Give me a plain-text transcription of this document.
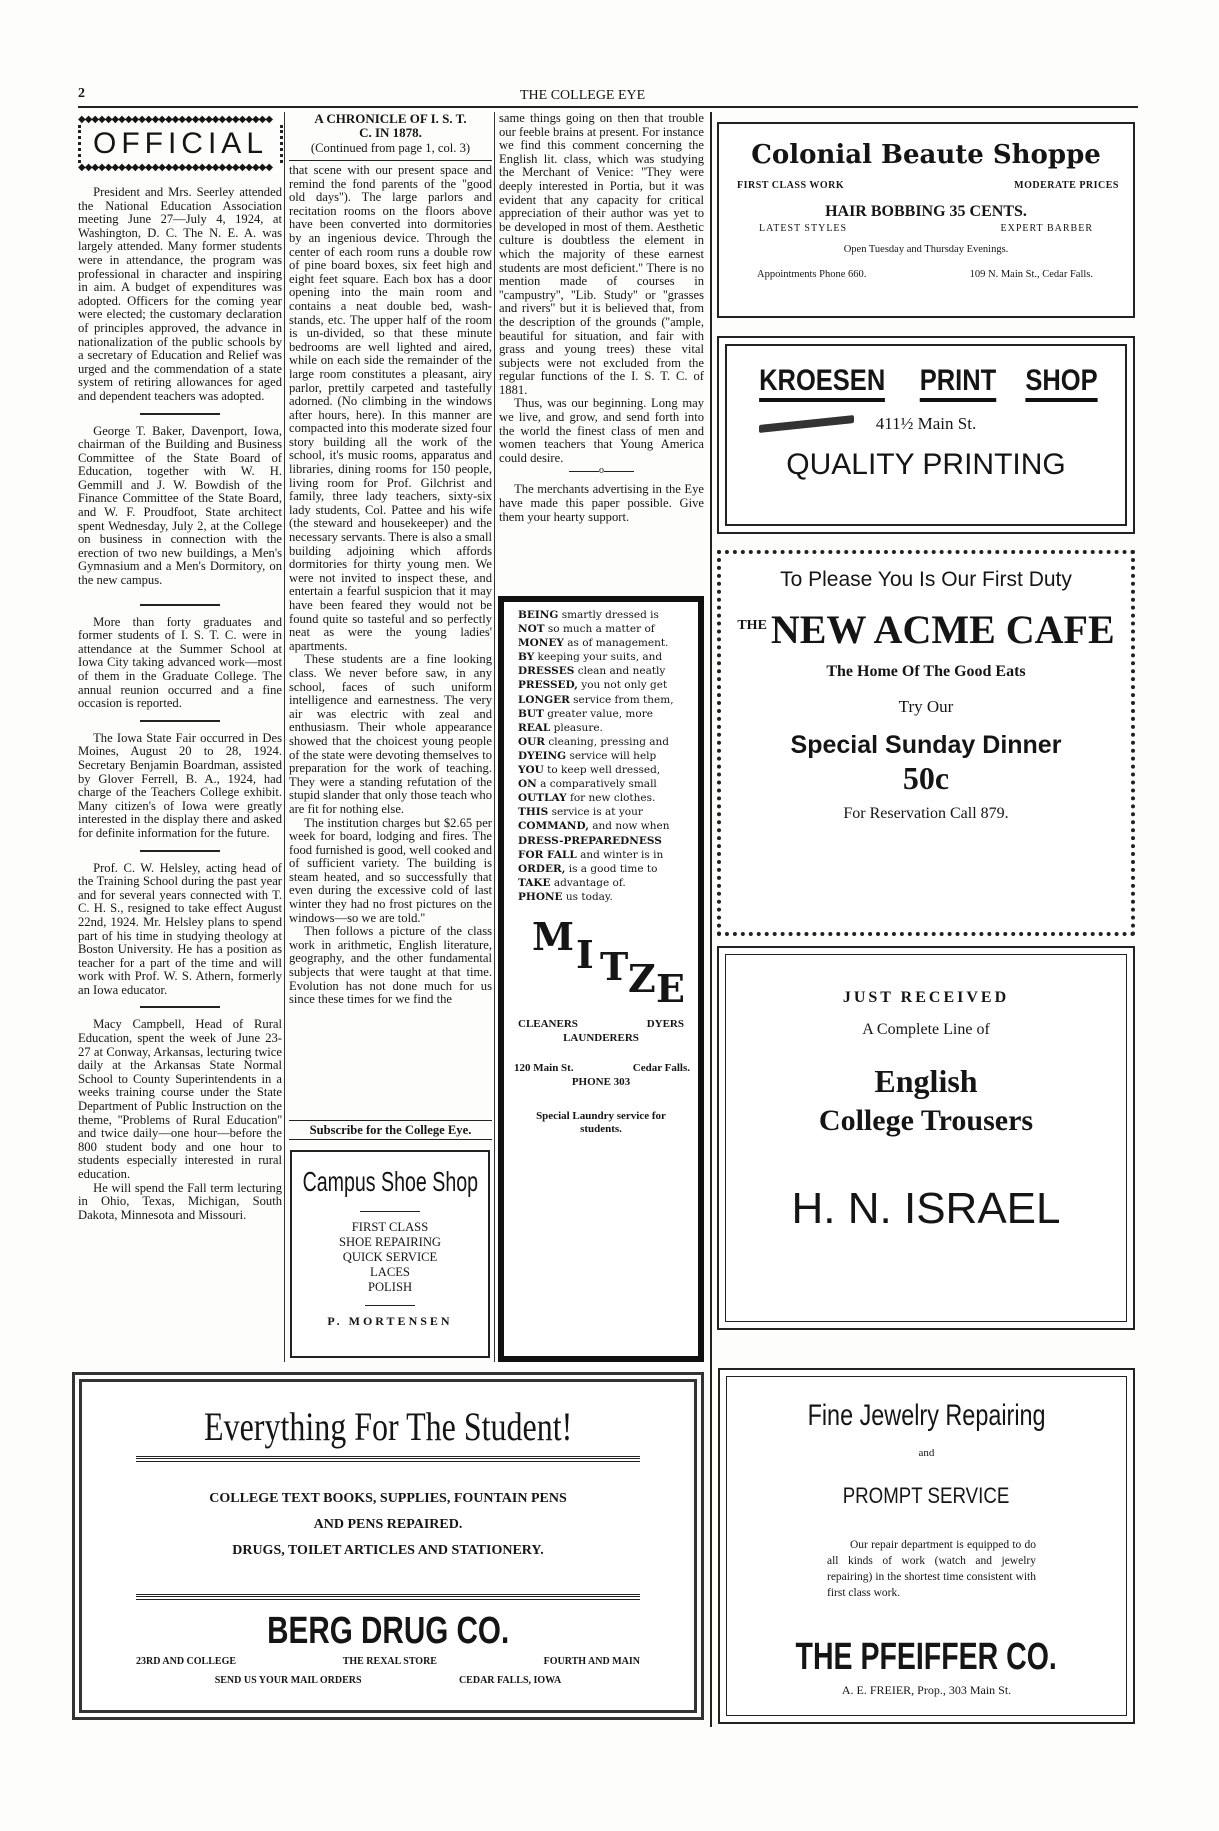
2	THE COLLEGE EYE
◆◆◆◆◆◆◆◆◆◆◆◆◆◆◆◆◆◆◆◆◆◆◆◆◆◆◆◆◆
OFFICIAL
◆◆◆◆◆◆◆◆◆◆◆◆◆◆◆◆◆◆◆◆◆◆◆◆◆◆◆◆◆

President and Mrs. Seerley attended the National Education Association meeting June 27—July 4, 1924, at Washington, D. C. The N. E. A. was largely attended. Many former students were in attendance, the program was professional in character and inspiring in aim. A budget of expenditures was adopted. Officers for the coming year were elected; the customary declaration of principles approved, the advance in nationalization of the public schools by a secretary of Education and Relief was urged and the commendation of a state system of retiring allowances for aged and dependent teachers was adopted.

George T. Baker, Davenport, Iowa, chairman of the Building and Business Committee of the State Board of Education, together with W. H. Gemmill and J. W. Bowdish of the Finance Committee of the State Board, and W. F. Proudfoot, State architect spent Wednesday, July 2, at the College on business in connection with the erection of two new buildings, a Men's Gymnasium and a Men's Dormitory, on the new campus.

More than forty graduates and former students of I. S. T. C. were in attendance at the Summer School at Iowa City taking advanced work—most of them in the Graduate College. The annual reunion occurred and a fine occasion is reported.

The Iowa State Fair occurred in Des Moines, August 20 to 28, 1924. Secretary Benjamin Boardman, assisted by Glover Ferrell, B. A., 1924, had charge of the Teachers College exhibit. Many citizen's of Iowa were greatly interested in the display there and asked for definite information for the future.

Prof. C. W. Helsley, acting head of the Training School during the past year and for several years connected with T. C. H. S., resigned to take effect August 22nd, 1924. Mr. Helsley plans to spend part of his time in studying theology at Boston University. He has a position as teacher for a part of the time and will work with Prof. W. S. Athern, formerly an Iowa educator.

Macy Campbell, Head of Rural Education, spent the week of June 23-27 at Conway, Arkansas, lecturing twice daily at the Arkansas State Normal School to County Superintendents in a weeks training course under the State Department of Public Instruction on the theme, ''Problems of Rural Education'' and twice daily—one hour—before the 800 student body and one hour to students especially interested in rural education.

He will spend the Fall term lecturing in Ohio, Texas, Michigan, South Dakota, Minnesota and Missouri.

A CHRONICLE OF I. S. T. C. IN 1878.
(Continued from page 1, col. 3)

that scene with our present space and remind the fond parents of the ''good old days''). The large parlors and recitation rooms on the floors above have been converted into dormitories by an ingenious device. Through the center of each room runs a double row of pine board boxes, six feet high and eight feet square. Each box has a door opening into the main room and contains a neat double bed, wash-stands, etc. The upper half of the room is un-divided, so that these minute bedrooms are well lighted and aired, while on each side the remainder of the large room constitutes a pleasant, airy parlor, prettily carpeted and tastefully adorned. (No climbing in the windows after hours, here). In this manner are compacted into this moderate sized four story building all the work of the school, it's music rooms, apparatus and libraries, dining rooms for 150 people, living room for Prof. Gilchrist and family, three lady teachers, sixty-six lady students, Col. Pattee and his wife (the steward and housekeeper) and the necessary servants. There is also a small building adjoining which affords dormitories for thirty young men. We were not invited to inspect these, and entertain a fearful suspicion that it may have been feared they would not be found quite so tasteful and so perfectly neat as were the young ladies' apartments.

These students are a fine looking class. We never before saw, in any school, faces of such uniform intelligence and earnestness. The very air was electric with zeal and enthusiasm. Their whole appearance showed that the choicest young people of the state were devoting themselves to preparation for the work of teaching. They were a standing refutation of the stupid slander that only those teach who are fit for nothing else.

The institution charges but $2.65 per week for board, lodging and fires. The food furnished is good, well cooked and of sufficient variety. The building is steam heated, and so successfully that even during the excessive cold of last winter they had no frost pictures on the windows—so we are told.''

Then follows a picture of the class work in arithmetic, English literature, geography, and the other fundamental subjects that were taught at that time. Evolution has not done much for us since these times for we find the

Subscribe for the College Eye.
Campus Shoe Shop
FIRST CLASS
SHOE REPAIRING
QUICK SERVICE
LACES
POLISH
P. MORTENSEN

same things going on then that trouble our feeble brains at present. For instance we find this comment concerning the English lit. class, which was studying the Merchant of Venice: ''They were deeply interested in Portia, but it was evident that any capacity for critical appreciation of their author was yet to be developed in most of them. Aesthetic culture is doubtless the element in which the majority of these earnest students are most deficient.'' There is no mention made of courses in ''campustry'', ''Lib. Study'' or ''grasses and rivers'' but it is believed that, from the description of the grounds (''ample, beautiful for situation, and fair with grass and young trees) these vital subjects were not excluded from the regular functions of the I. S. T. C. of 1881.

Thus, was our beginning. Long may we live, and grow, and send forth into the world the finest class of men and women teachers that Young America could desire.

o

The merchants advertising in the Eye have made this paper possible. Give them your hearty support.

BEING smartly dressed is
NOT so much a matter of
MONEY as of management.
BY keeping your suits, and
DRESSES clean and neatly
PRESSED, you not only get
LONGER service from them,
BUT greater value, more
REAL pleasure.
OUR cleaning, pressing and
DYEING service will help
YOU to keep well dressed,
ON a comparatively small
OUTLAY for new clothes.
THIS service is at your
COMMAND, and now when
DRESS-PREPAREDNESS
FOR FALL and winter is in
ORDER, is a good time to
TAKE advantage of.
PHONE us today.
M I T Z E
CLEANERS	DYERS
LAUNDERERS
120 Main St.	Cedar Falls.
PHONE 303
Special Laundry service for students.
Colonial Beaute Shoppe
FIRST CLASS WORK	MODERATE PRICES
HAIR BOBBING 35 CENTS.
LATEST STYLES	EXPERT BARBER
Open Tuesday and Thursday Evenings.
Appointments Phone 660.	109 N. Main St., Cedar Falls.
KROESEN PRINT SHOP
411½ Main St.
QUALITY PRINTING
To Please You Is Our First Duty
THE NEW ACME CAFE
The Home Of The Good Eats
Try Our
Special Sunday Dinner
50c
For Reservation Call 879.
JUST RECEIVED
A Complete Line of
English
College Trousers
H. N. ISRAEL
Everything For The Student!
COLLEGE TEXT BOOKS, SUPPLIES, FOUNTAIN PENS
AND PENS REPAIRED.
DRUGS, TOILET ARTICLES AND STATIONERY.
BERG DRUG CO.
23RD AND COLLEGE	THE REXAL STORE	FOURTH AND MAIN
SEND US YOUR MAIL ORDERS	CEDAR FALLS, IOWA
Fine Jewelry Repairing
and
PROMPT SERVICE
Our repair department is equipped to do all kinds of work (watch and jewelry repairing) in the shortest time consistent with first class work.
THE PFEIFFER CO.
A. E. FREIER, Prop., 303 Main St.
